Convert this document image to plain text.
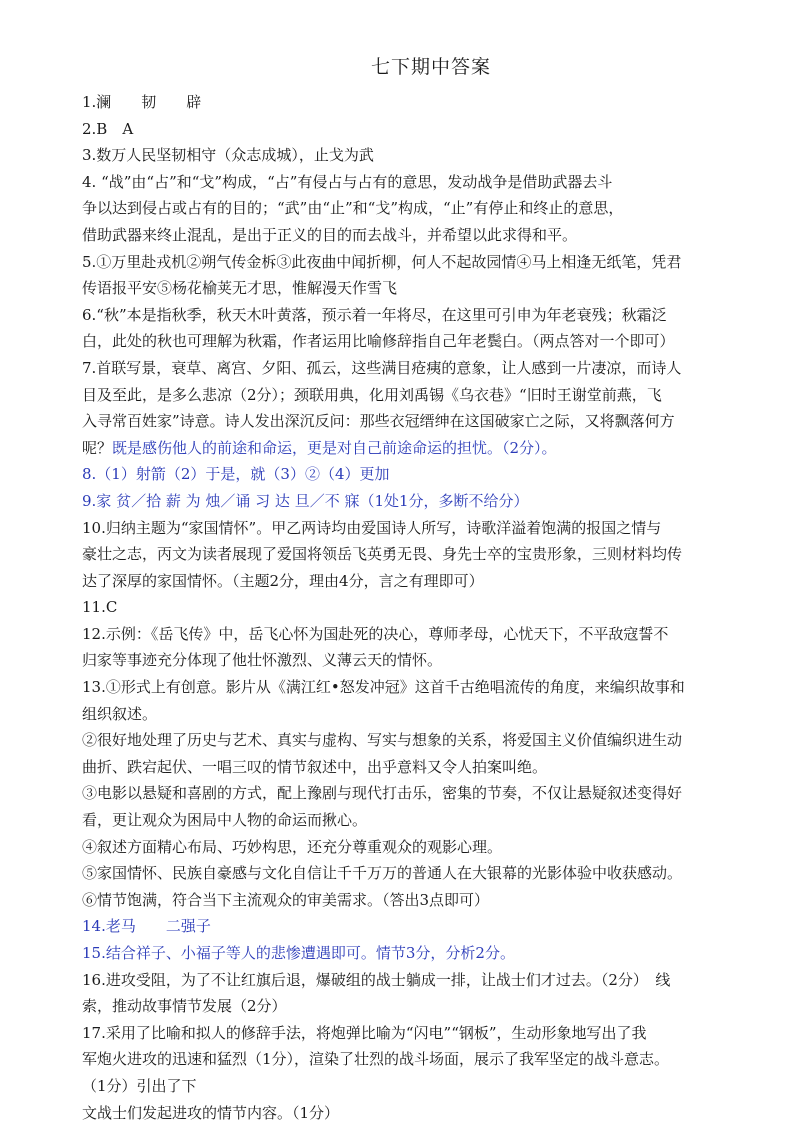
七下期中答案
1.澜　　韧　　辟
2.B　A
3.数万人民坚韧相守（众志成城），止戈为武
4. “战”由“占”和“戈”构成，“占”有侵占与占有的意思，发动战争是借助武器去斗
争以达到侵占或占有的目的；“武”由“止”和“戈”构成，“止”有停止和终止的意思，
借助武器来终止混乱，是出于正义的目的而去战斗，并希望以此求得和平。
5.①万里赴戎机②朔气传金柝③此夜曲中闻折柳，何人不起故园情④马上相逢无纸笔，凭君
传语报平安⑤杨花榆荚无才思，惟解漫天作雪飞
6.“秋”本是指秋季，秋天木叶黄落，预示着一年将尽，在这里可引申为年老衰残；秋霜泛
白，此处的秋也可理解为秋霜，作者运用比喻修辞指自己年老鬓白。（两点答对一个即可）
7.首联写景，衰草、离宫、夕阳、孤云，这些满目疮痍的意象，让人感到一片凄凉，而诗人
目及至此，是多么悲凉（2分）；颈联用典，化用刘禹锡《乌衣巷》“旧时王谢堂前燕，飞
入寻常百姓家”诗意。诗人发出深沉反问：那些衣冠缙绅在这国破家亡之际，又将飘落何方
呢？既是感伤他人的前途和命运，更是对自己前途命运的担忧。（2分）。
8.（1）射箭（2）于是，就（3）②（4）更加
9.家 贫／拾 薪 为 烛／诵 习 达 旦／不 寐（1处1分，多断不给分）
10.归纳主题为“家国情怀”。甲乙两诗均由爱国诗人所写，诗歌洋溢着饱满的报国之情与
豪壮之志，丙文为读者展现了爱国将领岳飞英勇无畏、身先士卒的宝贵形象，三则材料均传
达了深厚的家国情怀。（主题2分，理由4分，言之有理即可）
11.C
12.示例：《岳飞传》中，岳飞心怀为国赴死的决心，尊师孝母，心忧天下，不平敌寇誓不
归家等事迹充分体现了他壮怀激烈、义薄云天的情怀。
13.①形式上有创意。影片从《满江红•怒发冲冠》这首千古绝唱流传的角度，来编织故事和
组织叙述。
②很好地处理了历史与艺术、真实与虚构、写实与想象的关系，将爱国主义价值编织进生动
曲折、跌宕起伏、一唱三叹的情节叙述中，出乎意料又令人拍案叫绝。
③电影以悬疑和喜剧的方式，配上豫剧与现代打击乐，密集的节奏，不仅让悬疑叙述变得好
看，更让观众为困局中人物的命运而揪心。
④叙述方面精心布局、巧妙构思，还充分尊重观众的观影心理。
⑤家国情怀、民族自豪感与文化自信让千千万万的普通人在大银幕的光影体验中收获感动。
⑥情节饱满，符合当下主流观众的审美需求。（答出3点即可）
14.老马　　二强子
15.结合祥子、小福子等人的悲惨遭遇即可。情节3分，分析2分。
16.进攻受阻，为了不让红旗后退，爆破组的战士躺成一排，让战士们才过去。（2分）　线
索，推动故事情节发展（2分）
17.采用了比喻和拟人的修辞手法，将炮弹比喻为“闪电”“钢板”，生动形象地写出了我
军炮火进攻的迅速和猛烈（1分），渲染了壮烈的战斗场面，展示了我军坚定的战斗意志。
（1分）引出了下
文战士们发起进攻的情节内容。（1分）
